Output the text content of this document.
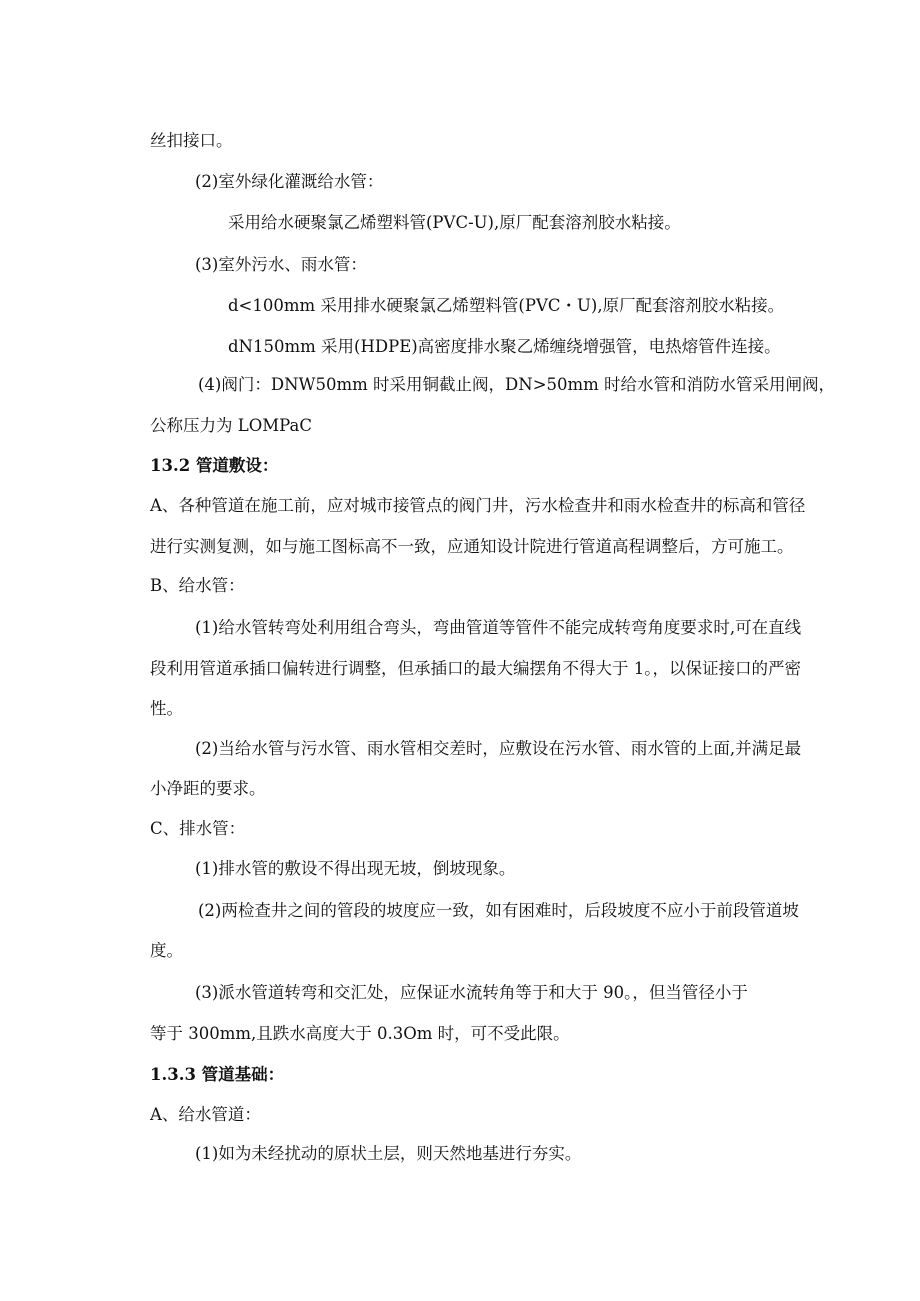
丝扣接口。
(2)室外绿化灌溉给水管：
采用给水硬聚氯乙烯塑料管(PVC-U),原厂配套溶剂胶水粘接。
(3)室外污水、雨水管：
d<100mm 采用排水硬聚氯乙烯塑料管(PVC・U),原厂配套溶剂胶水粘接。
dN150mm 采用(HDPE)高密度排水聚乙烯缠绕增强管，电热熔管件连接。
(4)阀门：DNW50mm 时采用铜截止阀，DN>50mm 时给水管和消防水管采用闸阀，
公称压力为 LOMPaC
13.2 管道敷设：
A、各种管道在施工前，应对城市接管点的阀门井，污水检查井和雨水检查井的标高和管径
进行实测复测，如与施工图标高不一致，应通知设计院进行管道高程调整后，方可施工。
B、给水管：
(1)给水管转弯处利用组合弯头，弯曲管道等管件不能完成转弯角度要求时,可在直线
段利用管道承插口偏转进行调整，但承插口的最大编摆角不得大于 1。，以保证接口的严密
性。
(2)当给水管与污水管、雨水管相交差时，应敷设在污水管、雨水管的上面,并满足最
小净距的要求。
C、排水管：
(1)排水管的敷设不得出现无坡，倒坡现象。
(2)两检查井之间的管段的坡度应一致，如有困难时，后段坡度不应小于前段管道坡
度。
(3)派水管道转弯和交汇处，应保证水流转角等于和大于 90。，但当管径小于
等于 300mm,且跌水高度大于 0.3Om 时，可不受此限。
1.3.3 管道基础：
A、给水管道：
(1)如为未经扰动的原状土层，则天然地基进行夯实。
